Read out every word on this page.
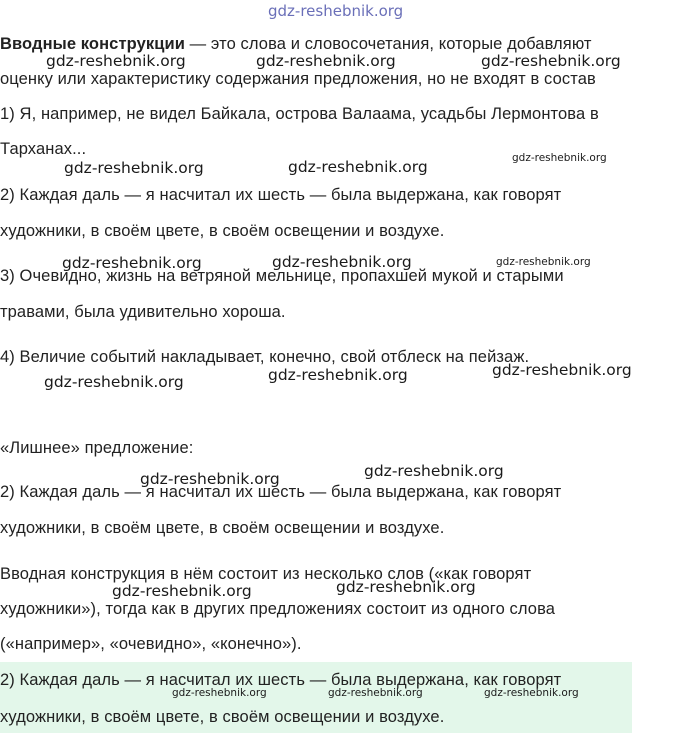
gdz-reshebnik.org
Вводные конструкции — это слова и словосочетания, которые добавляют
оценку или характеристику содержания предложения, но не входят в состав
1) Я, например, не видел Байкала, острова Валаама, усадьбы Лермонтова в
Тарханах...
2) Каждая даль — я насчитал их шесть — была выдержана, как говорят
художники, в своём цвете, в своём освещении и воздухе.
3) Очевидно, жизнь на ветряной мельнице, пропахшей мукой и старыми
травами, была удивительно хороша.
4) Величие событий накладывает, конечно, свой отблеск на пейзаж.
«Лишнее» предложение:
2) Каждая даль — я насчитал их шесть — была выдержана, как говорят
художники, в своём цвете, в своём освещении и воздухе.
Вводная конструкция в нём состоит из несколько слов («как говорят
художники»), тогда как в других предложениях состоит из одного слова
(«например», «очевидно», «конечно»).
2) Каждая даль — я насчитал их шесть — была выдержана, как говорят
художники, в своём цвете, в своём освещении и воздухе.
gdz-reshebnik.org	gdz-reshebnik.org	gdz-reshebnik.org
gdz-reshebnik.org	gdz-reshebnik.org	gdz-reshebnik.org
gdz-reshebnik.org	gdz-reshebnik.org	gdz-reshebnik.org
gdz-reshebnik.org	gdz-reshebnik.org	gdz-reshebnik.org
gdz-reshebnik.org	gdz-reshebnik.org
gdz-reshebnik.org	gdz-reshebnik.org
gdz-reshebnik.org	gdz-reshebnik.org	gdz-reshebnik.org
